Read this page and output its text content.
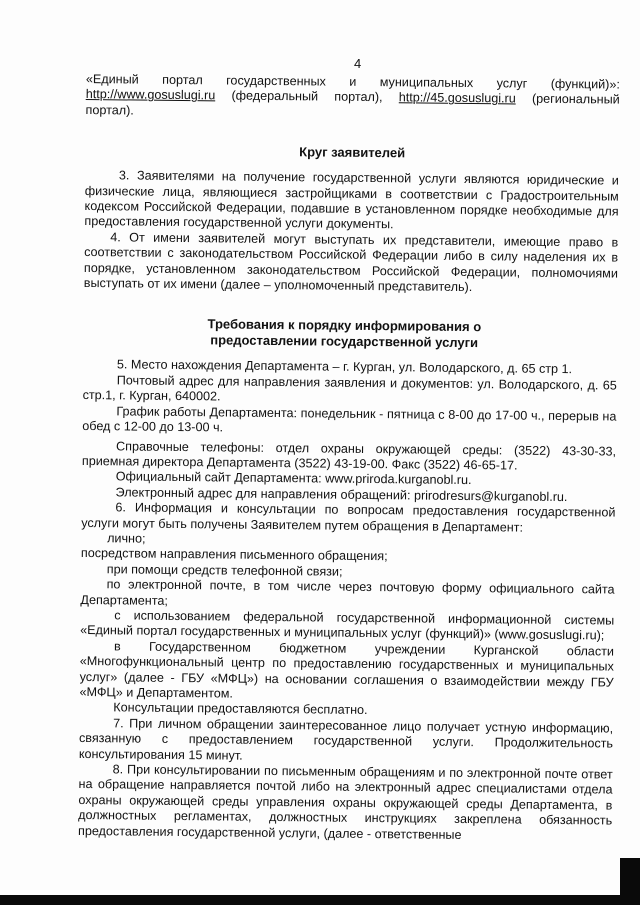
4

«Единый портал государственных и муниципальных услуг (функций)»: http://www.gosuslugi.ru (федеральный портал), http://45.gosuslugi.ru (региональный портал).

Круг заявителей

3. Заявителями на получение государственной услуги являются юридические и физические лица, являющиеся застройщиками в соответствии с Градостроительным кодексом Российской Федерации, подавшие в установленном порядке необходимые для предоставления государственной услуги документы.

4. От имени заявителей могут выступать их представители, имеющие право в соответствии с законодательством Российской Федерации либо в силу наделения их в порядке, установленном законодательством Российской Федерации, полномочиями выступать от их имени (далее – уполномоченный представитель).

Требования к порядку информирования о предоставлении государственной услуги

5. Место нахождения Департамента – г. Курган, ул. Володарского, д. 65 стр 1.

Почтовый адрес для направления заявления и документов: ул. Володарского, д. 65 стр.1, г. Курган, 640002.

График работы Департамента: понедельник - пятница с 8-00 до 17-00 ч., перерыв на обед с 12-00 до 13-00 ч.

Справочные телефоны: отдел охраны окружающей среды: (3522) 43-30-33, приемная директора Департамента (3522) 43-19-00. Факс (3522) 46-65-17.

Официальный сайт Департамента: www.priroda.kurganobl.ru.

Электронный адрес для направления обращений: prirodresurs@kurganobl.ru.

6. Информация и консультации по вопросам предоставления государственной услуги могут быть получены Заявителем путем обращения в Департамент:

лично;

посредством направления письменного обращения;

при помощи средств телефонной связи;

по электронной почте, в том числе через почтовую форму официального сайта Департамента;

с использованием федеральной государственной информационной системы «Единый портал государственных и муниципальных услуг (функций)» (www.gosuslugi.ru);

в Государственном бюджетном учреждении Курганской области «Многофункциональный центр по предоставлению государственных и муниципальных услуг» (далее - ГБУ «МФЦ») на основании соглашения о взаимодействии между ГБУ «МФЦ» и Департаментом.

Консультации предоставляются бесплатно.

7. При личном обращении заинтересованное лицо получает устную информацию, связанную с предоставлением государственной услуги. Продолжительность консультирования 15 минут.

8. При консультировании по письменным обращениям и по электронной почте ответ на обращение направляется почтой либо на электронный адрес специалистами отдела охраны окружающей среды управления охраны окружающей среды Департамента, в должностных регламентах, должностных инструкциях закреплена обязанность предоставления государственной услуги, (далее - ответственные
